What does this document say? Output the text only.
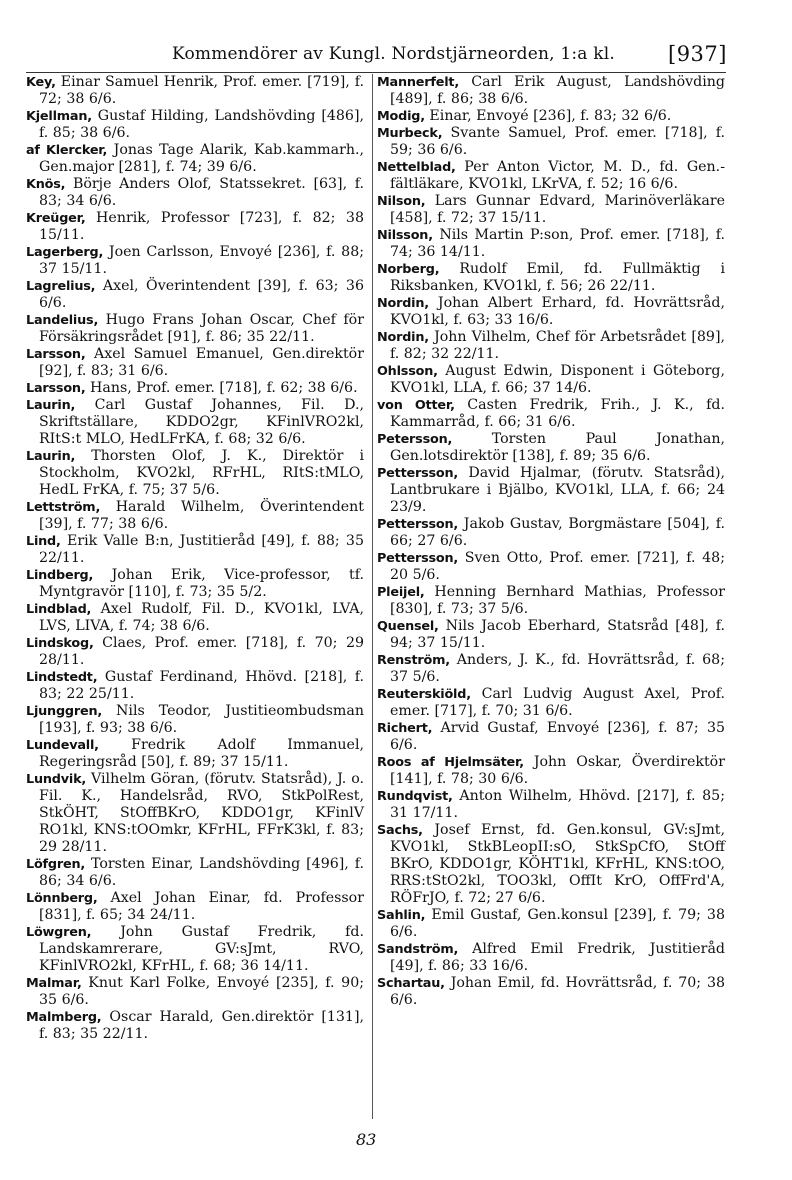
Kommendörer av Kungl. Nordstjärneorden, 1:a kl.	[937]

Key, Einar Samuel Henrik, Prof. emer. [719], f. 72; 38 6/6.

Kjellman, Gustaf Hilding, Landshövding [486], f. 85; 38 6/6.

af Klercker, Jonas Tage Alarik, Kab.kammarh., Gen.major [281], f. 74; 39 6/6.

Knös, Börje Anders Olof, Statssekret. [63], f. 83; 34 6/6.

Kreüger, Henrik, Professor [723], f. 82; 38 15/11.

Lagerberg, Joen Carlsson, Envoyé [236], f. 88; 37 15/11.

Lagrelius, Axel, Överintendent [39], f. 63; 36 6/6.

Landelius, Hugo Frans Johan Oscar, Chef för Försäkringsrådet [91], f. 86; 35 22/11.

Larsson, Axel Samuel Emanuel, Gen.direktör [92], f. 83; 31 6/6.

Larsson, Hans, Prof. emer. [718], f. 62; 38 6/6.

Laurin, Carl Gustaf Johannes, Fil. D., Skriftställare, KDDO2gr, KFinlVRO2kl, RItS:t MLO, HedLFrKA, f. 68; 32 6/6.

Laurin, Thorsten Olof, J. K., Direktör i Stockholm, KVO2kl, RFrHL, RItS:tMLO, HedL FrKA, f. 75; 37 5/6.

Lettström, Harald Wilhelm, Överintendent [39], f. 77; 38 6/6.

Lind, Erik Valle B:n, Justitieråd [49], f. 88; 35 22/11.

Lindberg, Johan Erik, Vice-professor, tf. Myntgravör [110], f. 73; 35 5/2.

Lindblad, Axel Rudolf, Fil. D., KVO1kl, LVA, LVS, LIVA, f. 74; 38 6/6.

Lindskog, Claes, Prof. emer. [718], f. 70; 29 28/11.

Lindstedt, Gustaf Ferdinand, Hhövd. [218], f. 83; 22 25/11.

Ljunggren, Nils Teodor, Justitieombudsman [193], f. 93; 38 6/6.

Lundevall, Fredrik Adolf Immanuel, Regeringsråd [50], f. 89; 37 15/11.

Lundvik, Vilhelm Göran, (förutv. Statsråd), J. o. Fil. K., Handelsråd, RVO, StkPolRest, StkÖHT, StOffBKrO, KDDO1gr, KFinlV RO1kl, KNS:tOOmkr, KFrHL, FFrK3kl, f. 83; 29 28/11.

Löfgren, Torsten Einar, Landshövding [496], f. 86; 34 6/6.

Lönnberg, Axel Johan Einar, fd. Professor [831], f. 65; 34 24/11.

Löwgren, John Gustaf Fredrik, fd. Landskamrerare, GV:sJmt, RVO, KFinlVRO2kl, KFrHL, f. 68; 36 14/11.

Malmar, Knut Karl Folke, Envoyé [235], f. 90; 35 6/6.

Malmberg, Oscar Harald, Gen.direktör [131], f. 83; 35 22/11.

Mannerfelt, Carl Erik August, Landshövding [489], f. 86; 38 6/6.

Modig, Einar, Envoyé [236], f. 83; 32 6/6.

Murbeck, Svante Samuel, Prof. emer. [718], f. 59; 36 6/6.

Nettelblad, Per Anton Victor, M. D., fd. Gen.-fältläkare, KVO1kl, LKrVA, f. 52; 16 6/6.

Nilson, Lars Gunnar Edvard, Marinöverläkare [458], f. 72; 37 15/11.

Nilsson, Nils Martin P:son, Prof. emer. [718], f. 74; 36 14/11.

Norberg, Rudolf Emil, fd. Fullmäktig i Riksbanken, KVO1kl, f. 56; 26 22/11.

Nordin, Johan Albert Erhard, fd. Hovrättsråd, KVO1kl, f. 63; 33 16/6.

Nordin, John Vilhelm, Chef för Arbetsrådet [89], f. 82; 32 22/11.

Ohlsson, August Edwin, Disponent i Göteborg, KVO1kl, LLA, f. 66; 37 14/6.

von Otter, Casten Fredrik, Frih., J. K., fd. Kammarråd, f. 66; 31 6/6.

Petersson,	Torsten Paul Jonathan, Gen.lotsdirektör [138], f. 89; 35 6/6.

Pettersson, David Hjalmar, (förutv. Statsråd), Lantbrukare i Bjälbo, KVO1kl, LLA, f. 66; 24 23/9.

Pettersson, Jakob Gustav, Borgmästare [504], f. 66; 27 6/6.

Pettersson, Sven Otto, Prof. emer. [721], f. 48; 20 5/6.

Pleijel, Henning Bernhard Mathias, Professor [830], f. 73; 37 5/6.

Quensel, Nils Jacob Eberhard, Statsråd [48], f. 94; 37 15/11.

Renström, Anders, J. K., fd. Hovrättsråd, f. 68; 37 5/6.

Reuterskiöld, Carl Ludvig August Axel, Prof. emer. [717], f. 70; 31 6/6.

Richert, Arvid Gustaf, Envoyé [236], f. 87; 35 6/6.

Roos af Hjelmsäter, John Oskar, Överdirektör [141], f. 78; 30 6/6.

Rundqvist, Anton Wilhelm, Hhövd. [217], f. 85; 31 17/11.

Sachs, Josef Ernst, fd. Gen.konsul, GV:sJmt, KVO1kl, StkBLeopII:sO, StkSpCfO, StOff BKrO, KDDO1gr, KÖHT1kl, KFrHL, KNS:tOO, RRS:tStO2kl, TOO3kl, OffIt KrO, OffFrd'A, RÖFrJO, f. 72; 27 6/6.

Sahlin, Emil Gustaf, Gen.konsul [239], f. 79; 38 6/6.

Sandström, Alfred Emil Fredrik, Justitieråd [49], f. 86; 33 16/6.

Schartau, Johan Emil, fd. Hovrättsråd, f. 70; 38 6/6.

83
